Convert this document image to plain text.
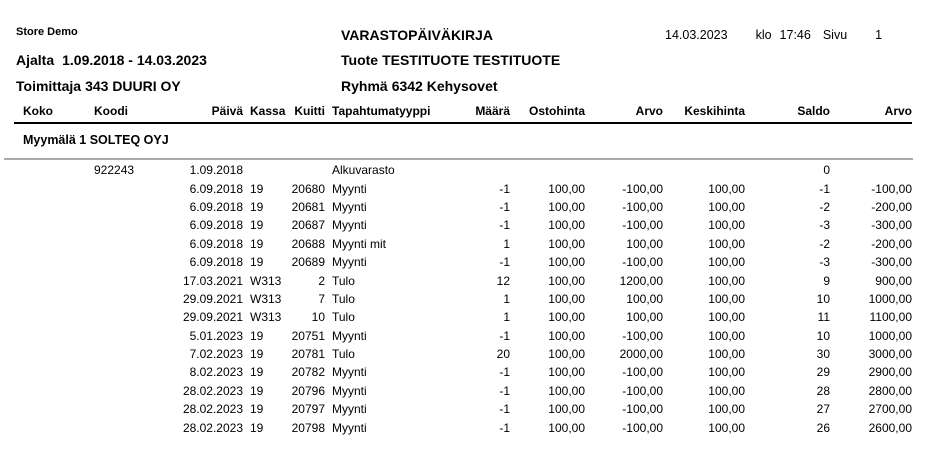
Store Demo
Ajalta 1.09.2018 - 14.03.2023
Toimittaja 343 DUURI OY
VARASTOPÄIVÄKIRJA
Tuote TESTITUOTE TESTITUOTE
Ryhmä 6342 Kehysovet
14.03.2023 klo 17:46 Sivu 1
Koko	Koodi	Päivä	Kassa	Kuitti	Tapahtumatyyppi	Määrä	Ostohinta	Arvo	Keskihinta	Saldo	Arvo
Myymälä 1 SOLTEQ OYJ											

	922243	1.09.2018			Alkuvarasto					0	
		6.09.2018	19	20680	Myynti	-1	100,00	-100,00	100,00	-1	-100,00
		6.09.2018	19	20681	Myynti	-1	100,00	-100,00	100,00	-2	-200,00
		6.09.2018	19	20687	Myynti	-1	100,00	-100,00	100,00	-3	-300,00
		6.09.2018	19	20688	Myynti mit	1	100,00	100,00	100,00	-2	-200,00
		6.09.2018	19	20689	Myynti	-1	100,00	-100,00	100,00	-3	-300,00
		17.03.2021	W313	2	Tulo	12	100,00	1200,00	100,00	9	900,00
		29.09.2021	W313	7	Tulo	1	100,00	100,00	100,00	10	1000,00
		29.09.2021	W313	10	Tulo	1	100,00	100,00	100,00	11	1100,00
		5.01.2023	19	20751	Myynti	-1	100,00	-100,00	100,00	10	1000,00
		7.02.2023	19	20781	Tulo	20	100,00	2000,00	100,00	30	3000,00
		8.02.2023	19	20782	Myynti	-1	100,00	-100,00	100,00	29	2900,00
		28.02.2023	19	20796	Myynti	-1	100,00	-100,00	100,00	28	2800,00
		28.02.2023	19	20797	Myynti	-1	100,00	-100,00	100,00	27	2700,00
		28.02.2023	19	20798	Myynti	-1	100,00	-100,00	100,00	26	2600,00
